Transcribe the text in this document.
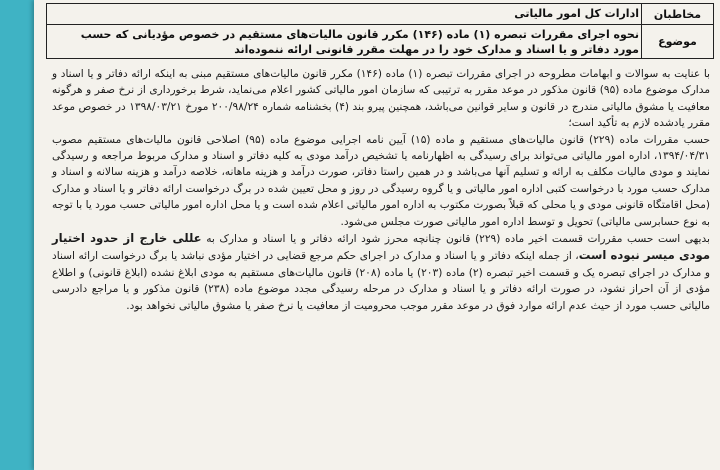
مخاطبان
ادارات کل امور مالیاتی
موضوع
نحوه اجرای مقررات تبصره (۱) ماده (۱۴۶) مکرر قانون مالیات‌های مستقیم در خصوص مؤدیانی که حسب مورد دفاتر و یا اسناد و مدارک خود را در مهلت مقرر قانونی ارائه ننموده‌اند

با عنایت به سوالات و ابهامات مطروحه در اجرای مقررات تبصره (۱) ماده (۱۴۶) مکرر قانون مالیات‌های مستقیم مبنی به اینکه ارائه دفاتر و یا اسناد و مدارک موضوع ماده (۹۵) قانون مذکور در موعد مقرر به ترتیبی که سازمان امور مالیاتی کشور اعلام می‌نماید، شرط برخورداری از نرخ صفر و هرگونه معافیت یا مشوق مالیاتی مندرج در قانون و سایر قوانین می‌باشد، همچنین پیرو بند (۴) بخشنامه شماره ۲۰۰/۹۸/۲۴ مورخ ۱۳۹۸/۰۳/۲۱ در خصوص موعد مقرر یادشده لازم به تأکید است؛

حسب مقررات ماده (۲۲۹) قانون مالیات‌های مستقیم و ماده (۱۵) آیین نامه اجرایی موضوع ماده (۹۵) اصلاحی قانون مالیات‌های مستقیم مصوب ۱۳۹۴/۰۴/۳۱، اداره امور مالیاتی می‌تواند برای رسیدگی به اظهارنامه یا تشخیص درآمد مودی به کلیه دفاتر و اسناد و مدارک مربوط مراجعه و رسیدگی نمایند و مودی مالیات مکلف به ارائه و تسلیم آنها می‌باشد و در همین راستا دفاتر، صورت درآمد و هزینه ماهانه، خلاصه درآمد و هزینه سالانه و اسناد و مدارک حسب مورد با درخواست کتبی اداره امور مالیاتی و یا گروه رسیدگی در روز و محل تعیین شده در برگ درخواست ارائه دفاتر و یا اسناد و مدارک (محل اقامتگاه قانونی مودی و یا محلی که قبلاً بصورت مکتوب به اداره امور مالیاتی اعلام شده است و یا محل اداره امور مالیاتی حسب مورد یا با توجه به نوع حسابرسی مالیاتی) تحویل و توسط اداره امور مالیاتی صورت مجلس می‌شود.

بدیهی است حسب مقررات قسمت اخیر ماده (۲۲۹) قانون چنانچه محرز شود ارائه دفاتر و یا اسناد و مدارک به عللی خارج از حدود اختیار مودی میسر نبوده است، از جمله اینکه دفاتر و یا اسناد و مدارک در اجرای حکم مرجع قضایی در اختیار مؤدی نباشد یا برگ درخواست ارائه اسناد و مدارک در اجرای تبصره یک و قسمت اخیر تبصره (۲) ماده (۲۰۳) یا ماده (۲۰۸) قانون مالیات‌های مستقیم به مودی ابلاغ نشده (ابلاغ قانونی) و اطلاع مؤدی از آن احراز نشود، در صورت ارائه دفاتر و یا اسناد و مدارک در مرحله رسیدگی مجدد موضوع ماده (۲۳۸) قانون مذکور و یا مراجع دادرسی مالیاتی حسب مورد از حیث عدم ارائه موارد فوق در موعد مقرر موجب محرومیت از معافیت یا نرخ صفر یا مشوق مالیاتی نخواهد بود.
